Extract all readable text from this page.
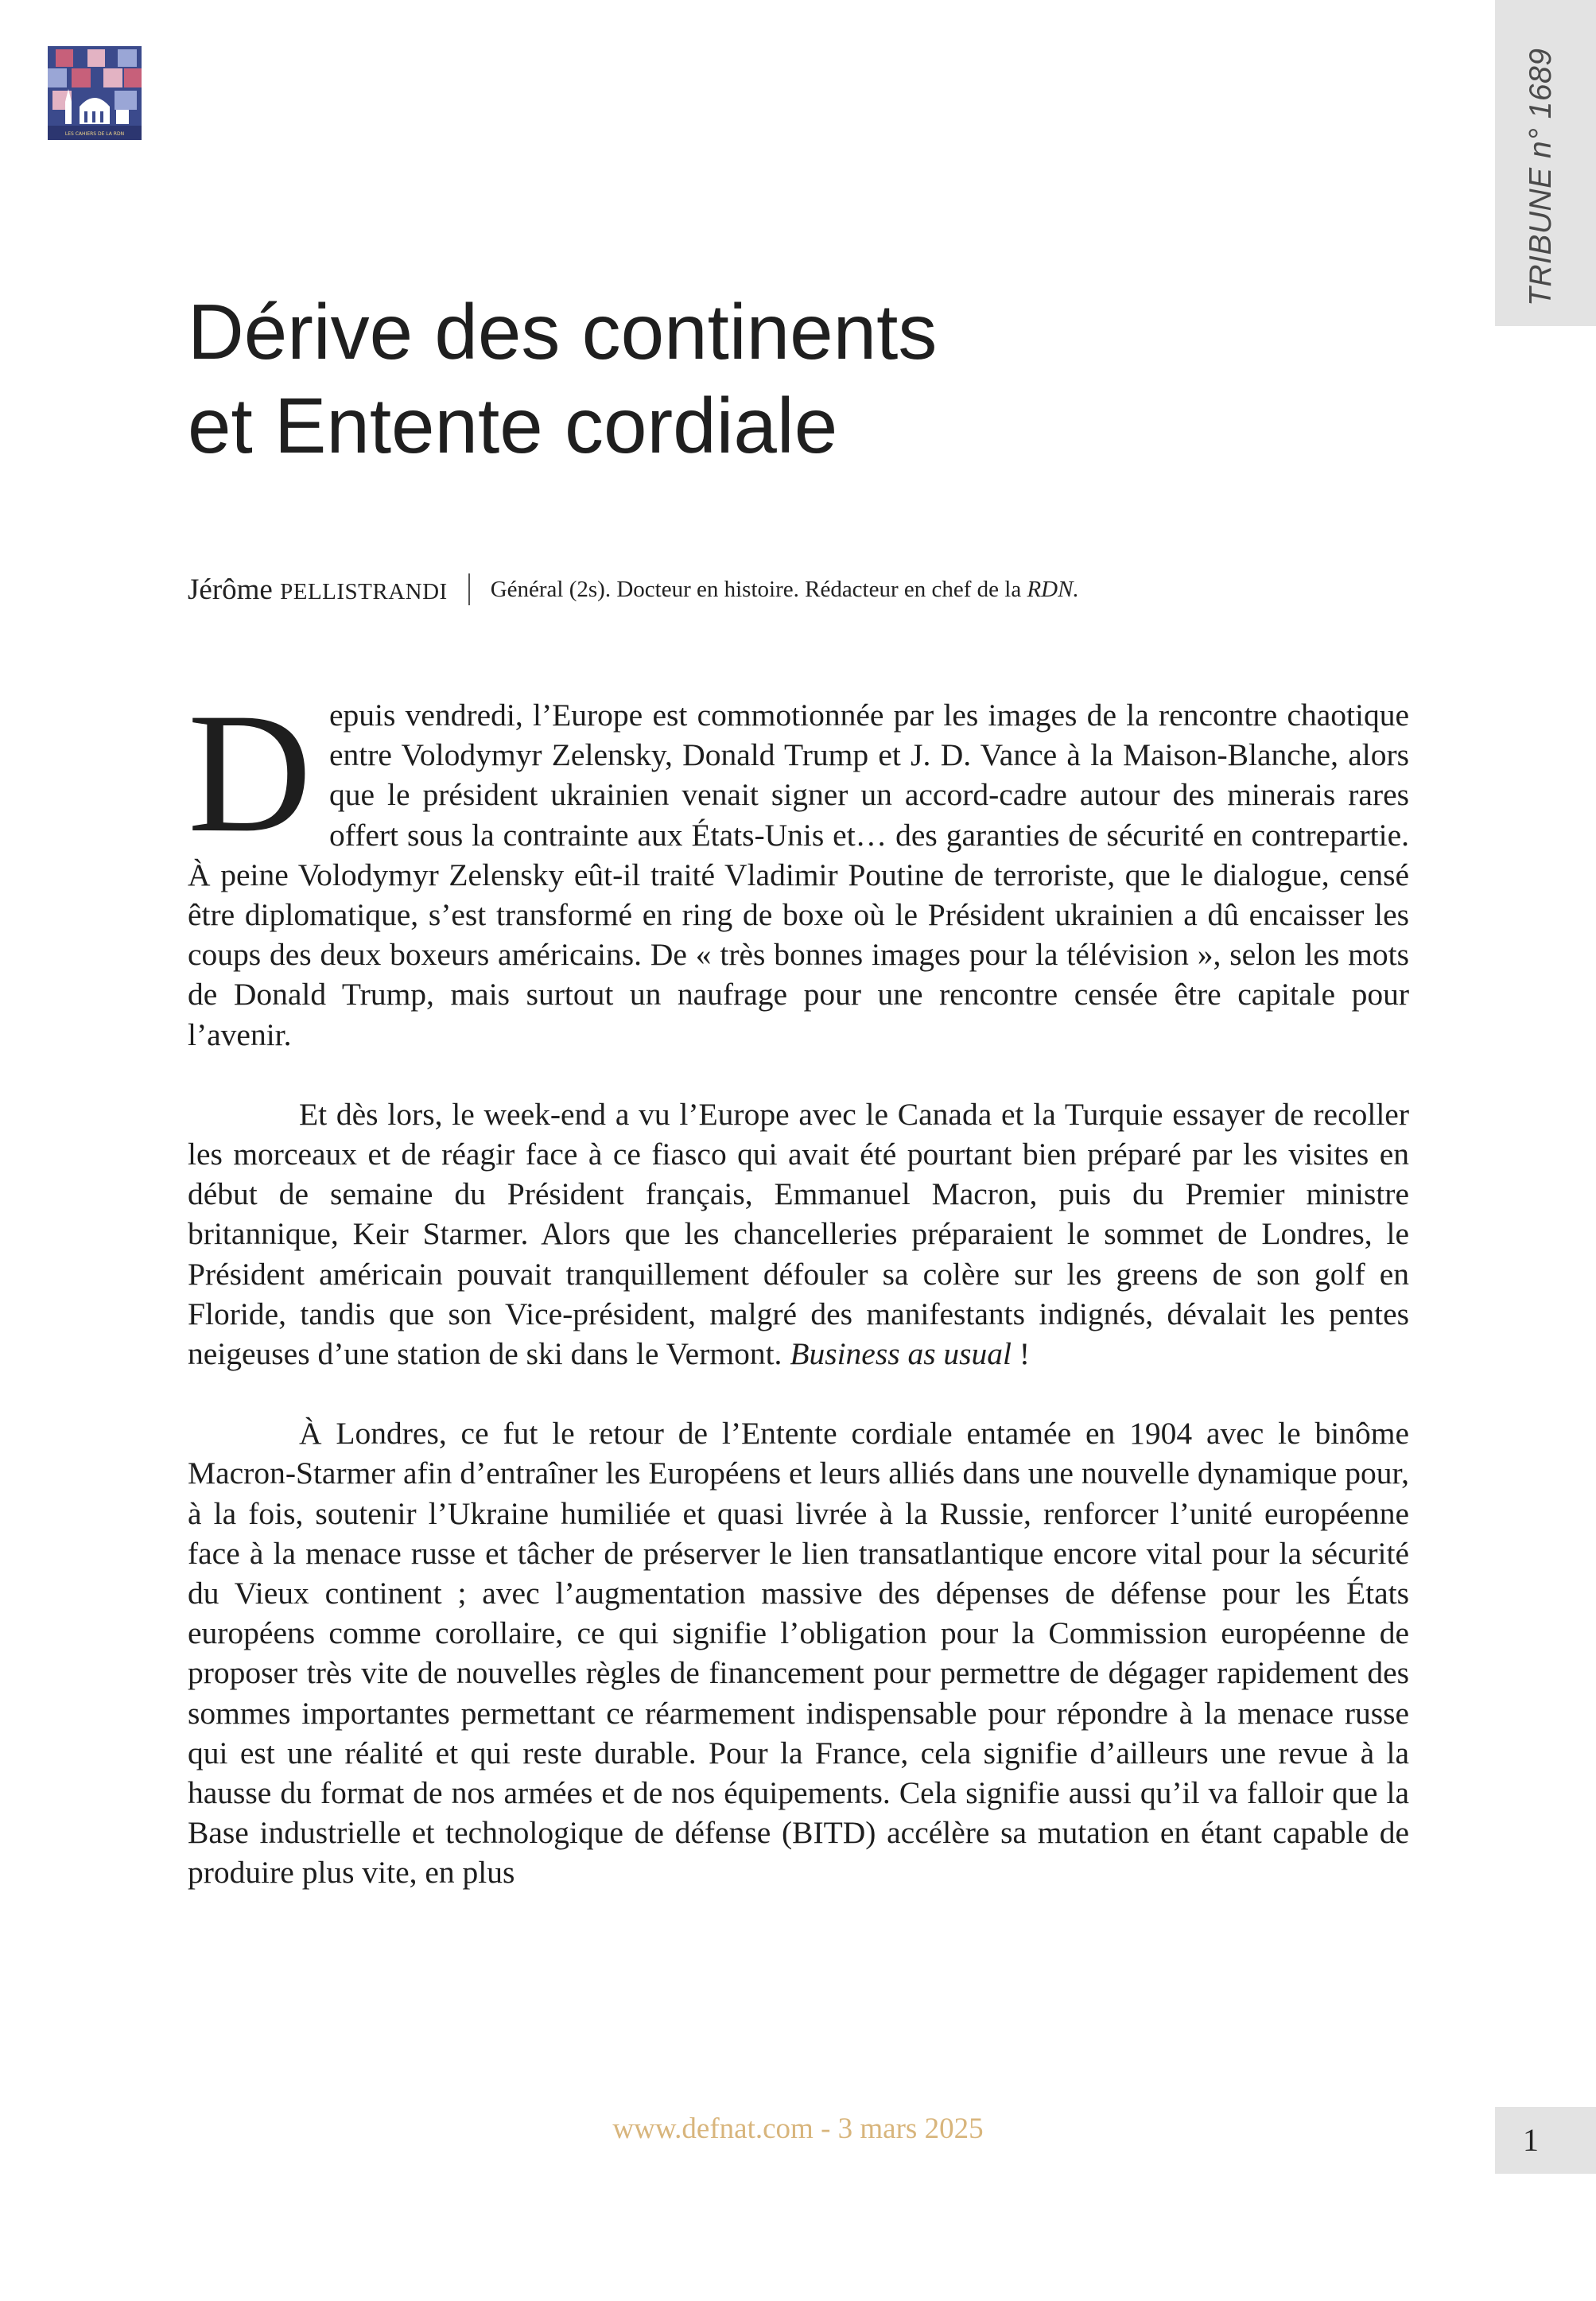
LES CAHIERS DE LA RDN	TRIBUNE n° 1689
Dérive des continents
et Entente cordiale
Jérôme PELLISTRANDI Général (2s). Docteur en histoire. Rédacteur en chef de la RDN.

Depuis vendredi, l’Europe est commotionnée par les images de la rencontre chaotique entre Volodymyr Zelensky, Donald Trump et J. D. Vance à la Maison-Blanche, alors que le président ukrainien venait signer un accord-cadre autour des minerais rares offert sous la contrainte aux États-Unis et… des garanties de sécurité en contrepartie. À peine Volodymyr Zelensky eût-il traité Vladimir Poutine de terroriste, que le dialogue, censé être diplomatique, s’est transformé en ring de boxe où le Président ukrainien a dû encaisser les coups des deux boxeurs américains. De « très bonnes images pour la télévision », selon les mots de Donald Trump, mais surtout un naufrage pour une rencontre censée être capitale pour l’avenir.

Et dès lors, le week-end a vu l’Europe avec le Canada et la Turquie essayer de recoller les morceaux et de réagir face à ce fiasco qui avait été pourtant bien préparé par les visites en début de semaine du Président français, Emmanuel Macron, puis du Premier ministre britannique, Keir Starmer. Alors que les chancelleries préparaient le sommet de Londres, le Président américain pouvait tranquillement défouler sa colère sur les greens de son golf en Floride, tandis que son Vice-président, malgré des manifestants indignés, dévalait les pentes neigeuses d’une station de ski dans le Vermont. Business as usual !

À Londres, ce fut le retour de l’Entente cordiale entamée en 1904 avec le binôme Macron-Starmer afin d’entraîner les Européens et leurs alliés dans une nouvelle dynamique pour, à la fois, soutenir l’Ukraine humiliée et quasi livrée à la Russie, renforcer l’unité européenne face à la menace russe et tâcher de préserver le lien transatlantique encore vital pour la sécurité du Vieux continent ; avec l’augmentation massive des dépenses de défense pour les États européens comme corollaire, ce qui signifie l’obligation pour la Commission européenne de proposer très vite de nouvelles règles de financement pour permettre de dégager rapidement des sommes importantes permettant ce réarmement indispensable pour répondre à la menace russe qui est une réalité et qui reste durable. Pour la France, cela signifie d’ailleurs une revue à la hausse du format de nos armées et de nos équipements. Cela signifie aussi qu’il va falloir que la Base industrielle et technologique de défense (BITD) accélère sa mutation en étant capable de produire plus vite, en plus

www.defnat.com - 3 mars 2025	1
